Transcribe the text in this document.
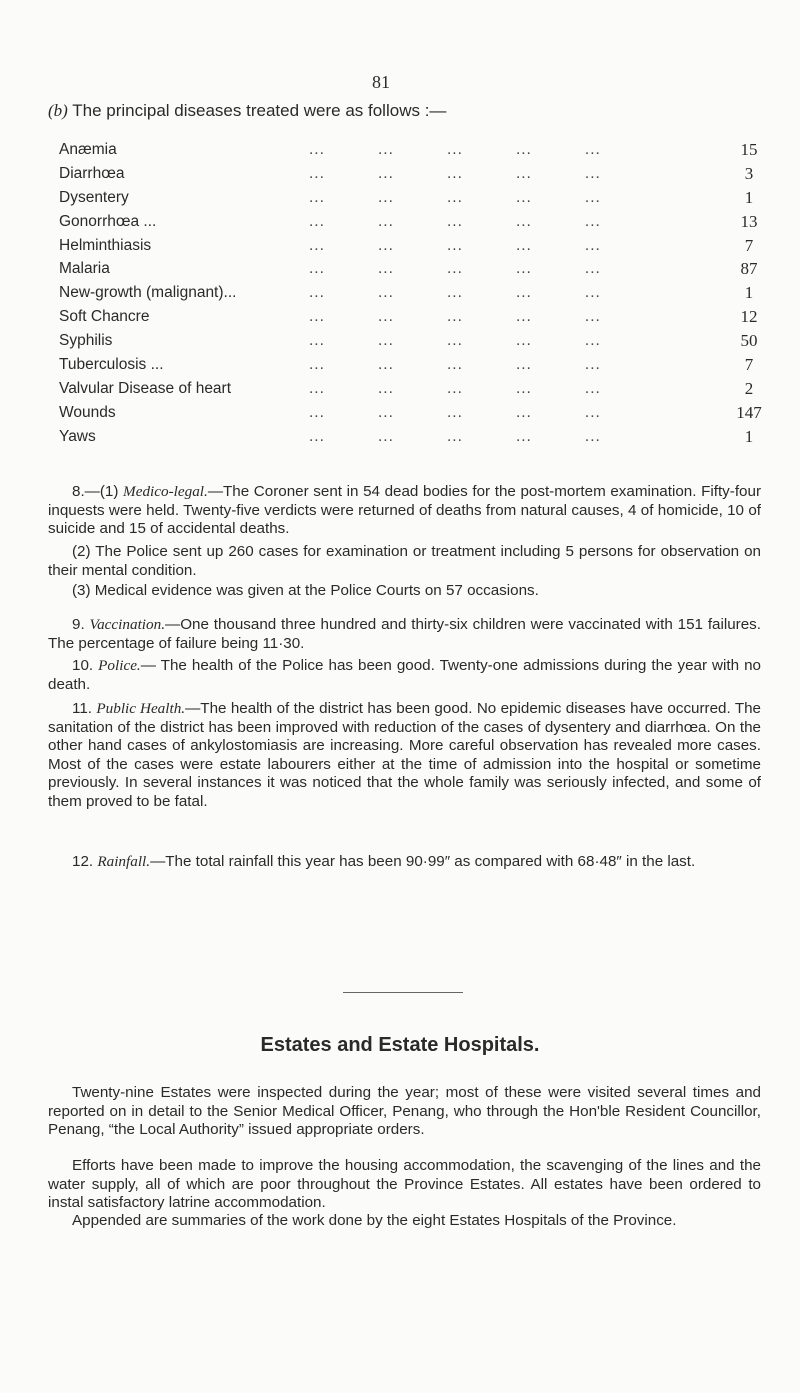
81
(b) The principal diseases treated were as follows :—
Anæmia	...          ...          ...          ...          ...	15
Diarrhœa	...          ...          ...          ...          ...	3
Dysentery	...          ...          ...          ...          ...	1
Gonorrhœa ...	...          ...          ...          ...          ...	13
Helminthiasis	...          ...          ...          ...          ...	7
Malaria	...          ...          ...          ...          ...	87
New-growth (malignant)...	...          ...          ...          ...          ...	1
Soft Chancre	...          ...          ...          ...          ...	12
Syphilis	...          ...          ...          ...          ...	50
Tuberculosis ...	...          ...          ...          ...          ...	7
Valvular Disease of heart	...          ...          ...          ...          ...	2
Wounds	...          ...          ...          ...          ...	147
Yaws	...          ...          ...          ...          ...	1
8.—(1) Medico-legal.—The Coroner sent in 54 dead bodies for the post-mortem examination. Fifty-four inquests were held. Twenty-five verdicts were returned of deaths from natural causes, 4 of homicide, 10 of suicide and 15 of accidental deaths.
(2) The Police sent up 260 cases for examination or treatment including 5 persons for observation on their mental condition.
(3) Medical evidence was given at the Police Courts on 57 occasions.
9. Vaccination.—One thousand three hundred and thirty-six children were vaccinated with 151 failures. The percentage of failure being 11·30.
10. Police.— The health of the Police has been good. Twenty-one admissions during the year with no death.
11. Public Health.—The health of the district has been good. No epidemic diseases have occurred. The sanitation of the district has been improved with reduction of the cases of dysentery and diarrhœa. On the other hand cases of ankylostomiasis are increasing. More careful observation has revealed more cases. Most of the cases were estate labourers either at the time of admission into the hospital or sometime previously. In several instances it was noticed that the whole family was seriously infected, and some of them proved to be fatal.
12. Rainfall.—The total rainfall this year has been 90·99″ as compared with 68·48″ in the last.
Estates and Estate Hospitals.
Twenty-nine Estates were inspected during the year; most of these were visited several times and reported on in detail to the Senior Medical Officer, Penang, who through the Hon'ble Resident Councillor, Penang, “the Local Authority” issued appropriate orders.
Efforts have been made to improve the housing accommodation, the scavenging of the lines and the water supply, all of which are poor throughout the Province Estates. All estates have been ordered to instal satisfactory latrine accommodation.
Appended are summaries of the work done by the eight Estates Hospitals of the Province.
